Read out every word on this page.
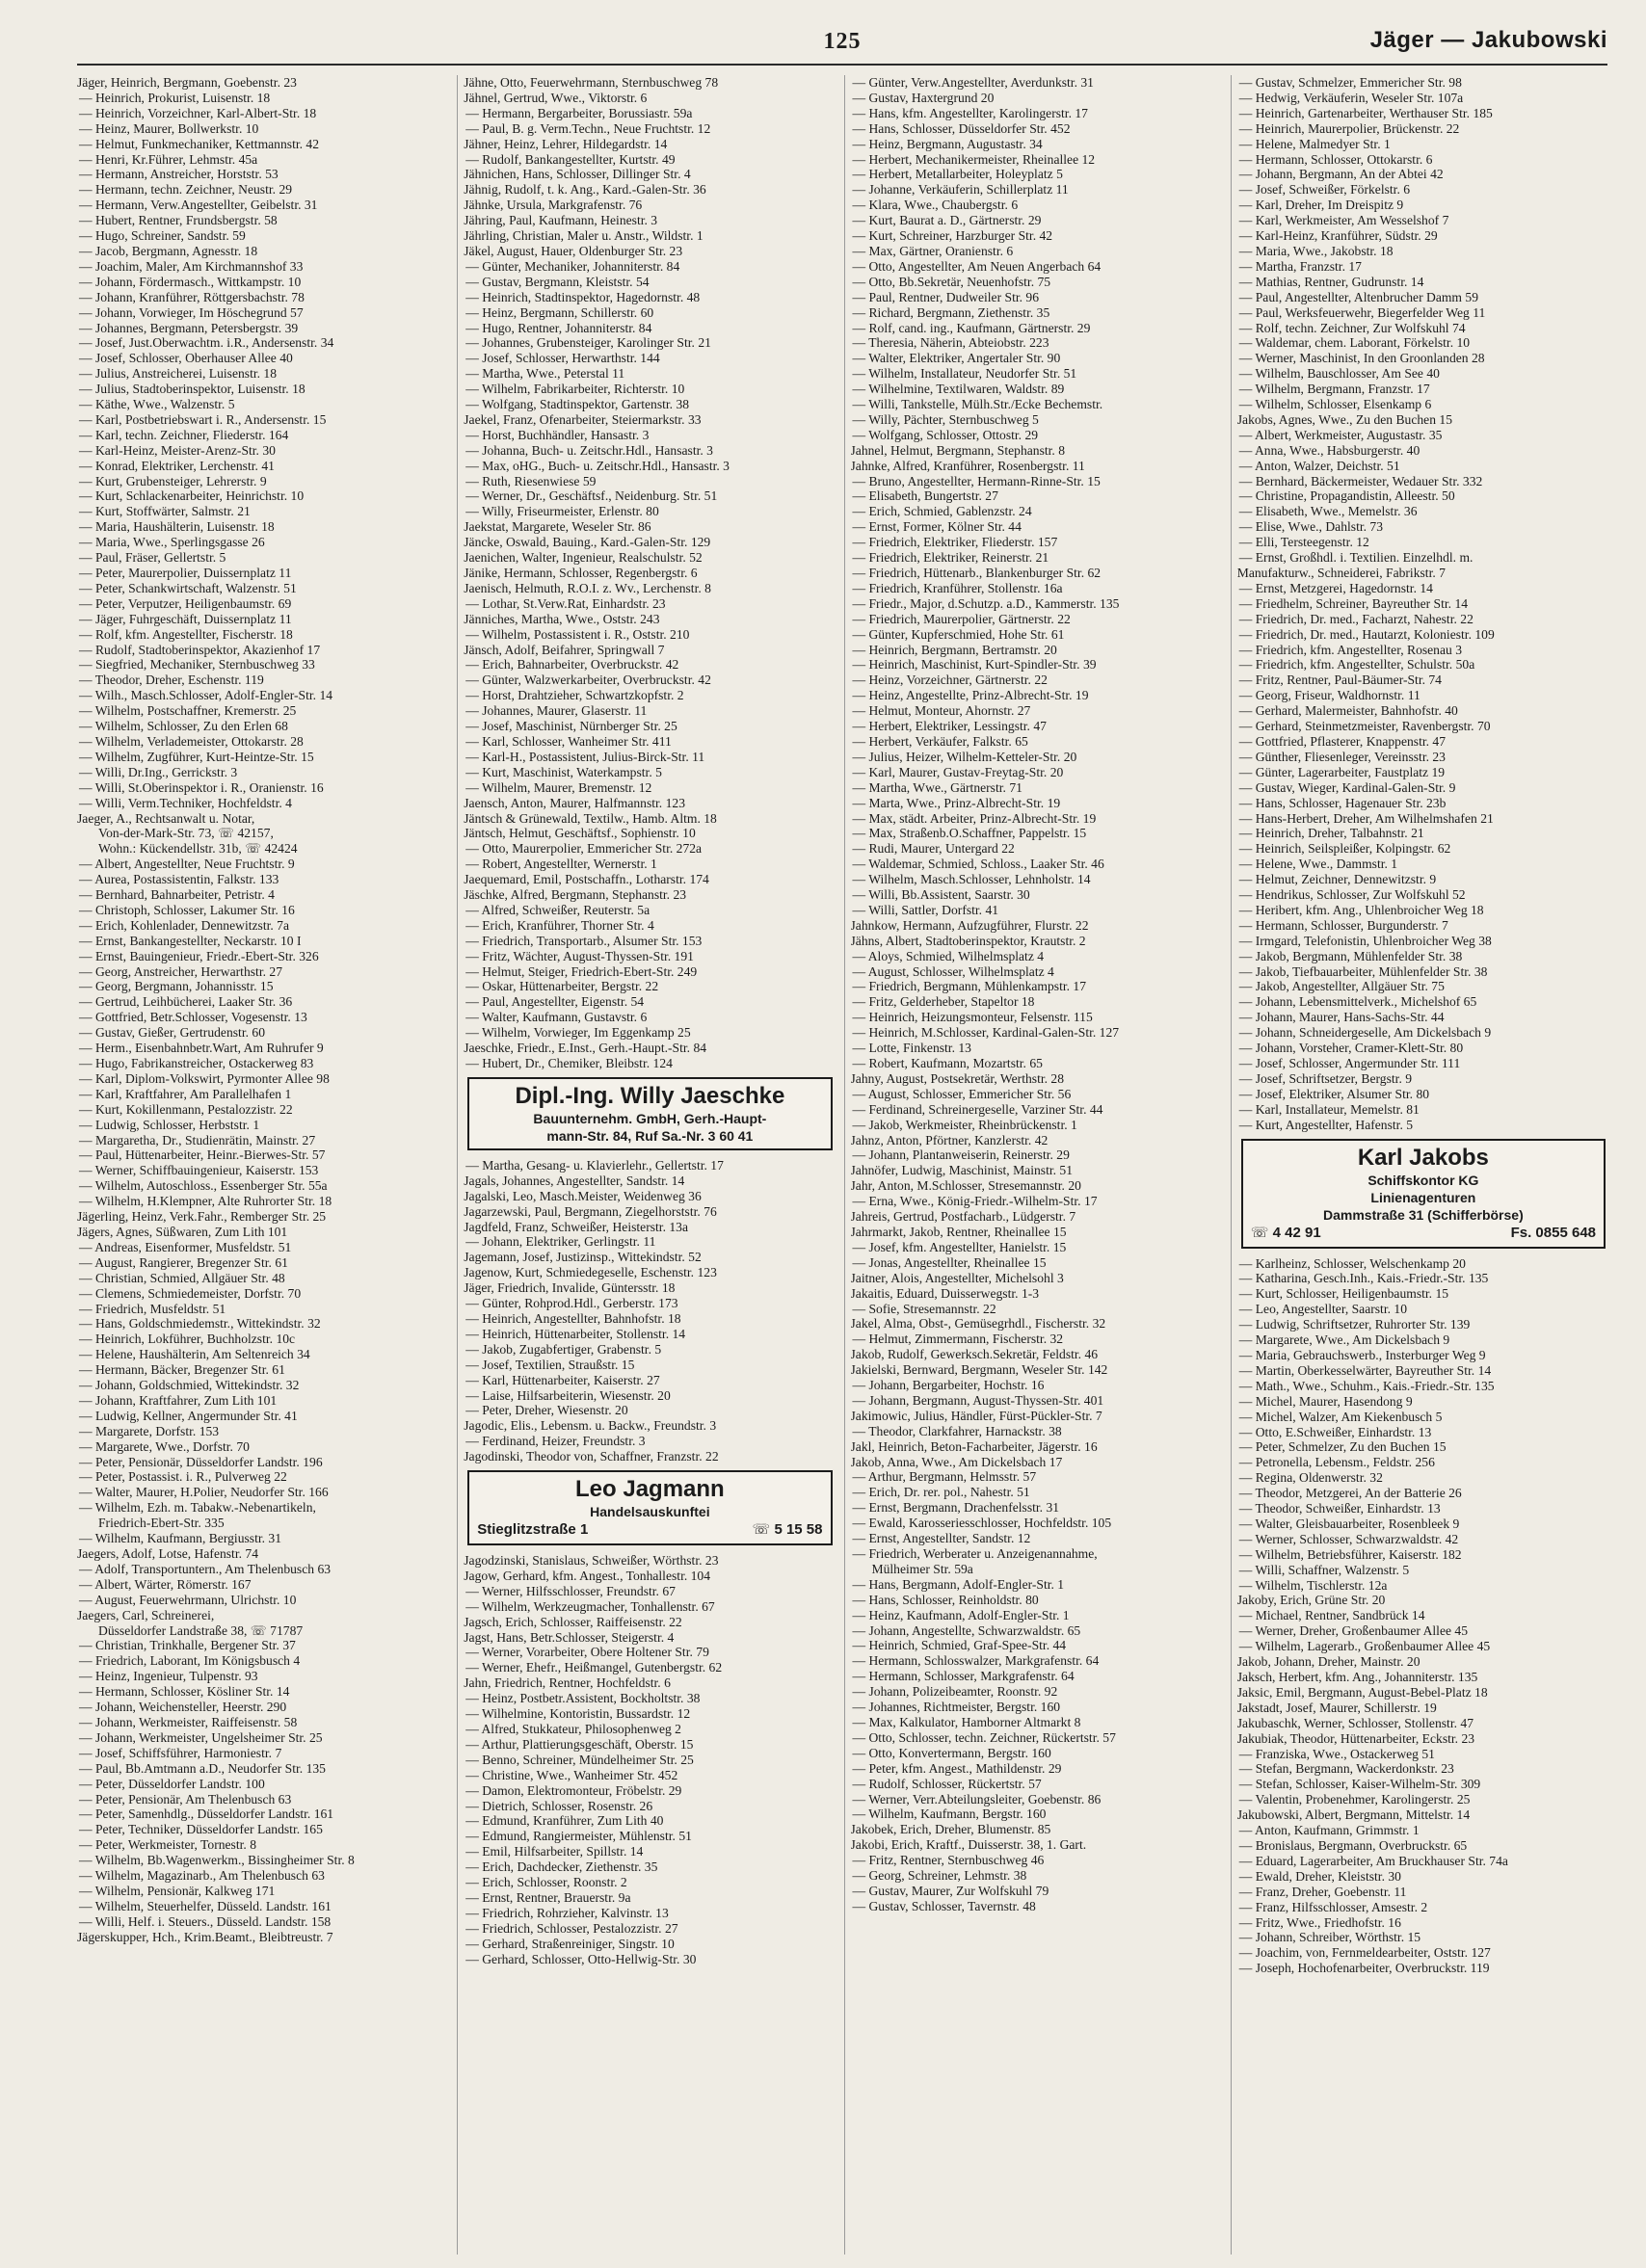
125	Jäger — Jakubowski
Jäger, Heinrich, Bergmann, Goebenstr. 23
— Heinrich, Prokurist, Luisenstr. 18
— Heinrich, Vorzeichner, Karl-Albert-Str. 18
— Heinz, Maurer, Bollwerkstr. 10
— Helmut, Funkmechaniker, Kettmannstr. 42
— Henri, Kr.Führer, Lehmstr. 45a
— Hermann, Anstreicher, Horststr. 53
— Hermann, techn. Zeichner, Neustr. 29
— Hermann, Verw.Angestellter, Geibelstr. 31
— Hubert, Rentner, Frundsbergstr. 58
— Hugo, Schreiner, Sandstr. 59
— Jacob, Bergmann, Agnesstr. 18
— Joachim, Maler, Am Kirchmannshof 33
— Johann, Fördermasch., Wittkampstr. 10
— Johann, Kranführer, Röttgersbachstr. 78
— Johann, Vorwieger, Im Höschegrund 57
— Johannes, Bergmann, Petersbergstr. 39
— Josef, Just.Oberwachtm. i.R., Andersenstr. 34
— Josef, Schlosser, Oberhauser Allee 40
— Julius, Anstreicherei, Luisenstr. 18
— Julius, Stadtoberinspektor, Luisenstr. 18
— Käthe, Wwe., Walzenstr. 5
— Karl, Postbetriebswart i. R., Andersenstr. 15
— Karl, techn. Zeichner, Fliederstr. 164
— Karl-Heinz, Meister-Arenz-Str. 30
— Konrad, Elektriker, Lerchenstr. 41
— Kurt, Grubensteiger, Lehrerstr. 9
— Kurt, Schlackenarbeiter, Heinrichstr. 10
— Kurt, Stoffwärter, Salmstr. 21
— Maria, Haushälterin, Luisenstr. 18
— Maria, Wwe., Sperlingsgasse 26
— Paul, Fräser, Gellertstr. 5
— Peter, Maurerpolier, Duissernplatz 11
— Peter, Schankwirtschaft, Walzenstr. 51
— Peter, Verputzer, Heiligenbaumstr. 69
— Jäger, Fuhrgeschäft, Duissernplatz 11
— Rolf, kfm. Angestellter, Fischerstr. 18
— Rudolf, Stadtoberinspektor, Akazienhof 17
— Siegfried, Mechaniker, Sternbuschweg 33
— Theodor, Dreher, Eschenstr. 119
— Wilh., Masch.Schlosser, Adolf-Engler-Str. 14
— Wilhelm, Postschaffner, Kremerstr. 25
— Wilhelm, Schlosser, Zu den Erlen 68
— Wilhelm, Verlademeister, Ottokarstr. 28
— Wilhelm, Zugführer, Kurt-Heintze-Str. 15
— Willi, Dr.Ing., Gerrickstr. 3
— Willi, St.Oberinspektor i. R., Oranienstr. 16
— Willi, Verm.Techniker, Hochfeldstr. 4
Jaeger, A., Rechtsanwalt u. Notar,
Von-der-Mark-Str. 73, ☏ 42157,
Wohn.: Kückendellstr. 31b, ☏ 42424
— Albert, Angestellter, Neue Fruchtstr. 9
— Aurea, Postassistentin, Falkstr. 133
— Bernhard, Bahnarbeiter, Petristr. 4
— Christoph, Schlosser, Lakumer Str. 16
— Erich, Kohlenlader, Dennewitzstr. 7a
— Ernst, Bankangestellter, Neckarstr. 10 I
— Ernst, Bauingenieur, Friedr.-Ebert-Str. 326
— Georg, Anstreicher, Herwarthstr. 27
— Georg, Bergmann, Johannisstr. 15
— Gertrud, Leihbücherei, Laaker Str. 36
— Gottfried, Betr.Schlosser, Vogesenstr. 13
— Gustav, Gießer, Gertrudenstr. 60
— Herm., Eisenbahnbetr.Wart, Am Ruhrufer 9
— Hugo, Fabrikanstreicher, Ostackerweg 83
— Karl, Diplom-Volkswirt, Pyrmonter Allee 98
— Karl, Kraftfahrer, Am Parallelhafen 1
— Kurt, Kokillenmann, Pestalozzistr. 22
— Ludwig, Schlosser, Herbststr. 1
— Margaretha, Dr., Studienrätin, Mainstr. 27
— Paul, Hüttenarbeiter, Heinr.-Bierwes-Str. 57
— Werner, Schiffbauingenieur, Kaiserstr. 153
— Wilhelm, Autoschloss., Essenberger Str. 55a
— Wilhelm, H.Klempner, Alte Ruhrorter Str. 18
Jägerling, Heinz, Verk.Fahr., Remberger Str. 25
Jägers, Agnes, Süßwaren, Zum Lith 101
— Andreas, Eisenformer, Musfeldstr. 51
— August, Rangierer, Bregenzer Str. 61
— Christian, Schmied, Allgäuer Str. 48
— Clemens, Schmiedemeister, Dorfstr. 70
— Friedrich, Musfeldstr. 51
— Hans, Goldschmiedemstr., Wittekindstr. 32
— Heinrich, Lokführer, Buchholzstr. 10c
— Helene, Haushälterin, Am Seltenreich 34
— Hermann, Bäcker, Bregenzer Str. 61
— Johann, Goldschmied, Wittekindstr. 32
— Johann, Kraftfahrer, Zum Lith 101
— Ludwig, Kellner, Angermunder Str. 41
— Margarete, Dorfstr. 153
— Margarete, Wwe., Dorfstr. 70
— Peter, Pensionär, Düsseldorfer Landstr. 196
— Peter, Postassist. i. R., Pulverweg 22
— Walter, Maurer, H.Polier, Neudorfer Str. 166
— Wilhelm, Ezh. m. Tabakw.-Nebenartikeln,
Friedrich-Ebert-Str. 335
— Wilhelm, Kaufmann, Bergiusstr. 31
Jaegers, Adolf, Lotse, Hafenstr. 74
— Adolf, Transportuntern., Am Thelenbusch 63
— Albert, Wärter, Römerstr. 167
— August, Feuerwehrmann, Ulrichstr. 10
Jaegers, Carl, Schreinerei,
Düsseldorfer Landstraße 38, ☏ 71787
— Christian, Trinkhalle, Bergener Str. 37
— Friedrich, Laborant, Im Königsbusch 4
— Heinz, Ingenieur, Tulpenstr. 93
— Hermann, Schlosser, Kösliner Str. 14
— Johann, Weichensteller, Heerstr. 290
— Johann, Werkmeister, Raiffeisenstr. 58
— Johann, Werkmeister, Ungelsheimer Str. 25
— Josef, Schiffsführer, Harmoniestr. 7
— Paul, Bb.Amtmann a.D., Neudorfer Str. 135
— Peter, Düsseldorfer Landstr. 100
— Peter, Pensionär, Am Thelenbusch 63
— Peter, Samenhdlg., Düsseldorfer Landstr. 161
— Peter, Techniker, Düsseldorfer Landstr. 165
— Peter, Werkmeister, Tornestr. 8
— Wilhelm, Bb.Wagenwerkm., Bissingheimer Str. 8
— Wilhelm, Magazinarb., Am Thelenbusch 63
— Wilhelm, Pensionär, Kalkweg 171
— Wilhelm, Steuerhelfer, Düsseld. Landstr. 161
— Willi, Helf. i. Steuers., Düsseld. Landstr. 158
Jägerskupper, Hch., Krim.Beamt., Bleibtreustr. 7
Jähne, Otto, Feuerwehrmann, Sternbuschweg 78
Jähnel, Gertrud, Wwe., Viktorstr. 6
— Hermann, Bergarbeiter, Borussiastr. 59a
— Paul, B. g. Verm.Techn., Neue Fruchtstr. 12
Jähner, Heinz, Lehrer, Hildegardstr. 14
— Rudolf, Bankangestellter, Kurtstr. 49
Jähnichen, Hans, Schlosser, Dillinger Str. 4
Jähnig, Rudolf, t. k. Ang., Kard.-Galen-Str. 36
Jähnke, Ursula, Markgrafenstr. 76
Jähring, Paul, Kaufmann, Heinestr. 3
Jährling, Christian, Maler u. Anstr., Wildstr. 1
Jäkel, August, Hauer, Oldenburger Str. 23
— Günter, Mechaniker, Johanniterstr. 84
— Gustav, Bergmann, Kleiststr. 54
— Heinrich, Stadtinspektor, Hagedornstr. 48
— Heinz, Bergmann, Schillerstr. 60
— Hugo, Rentner, Johanniterstr. 84
— Johannes, Grubensteiger, Karolinger Str. 21
— Josef, Schlosser, Herwarthstr. 144
— Martha, Wwe., Peterstal 11
— Wilhelm, Fabrikarbeiter, Richterstr. 10
— Wolfgang, Stadtinspektor, Gartenstr. 38
Jaekel, Franz, Ofenarbeiter, Steiermarkstr. 33
— Horst, Buchhändler, Hansastr. 3
— Johanna, Buch- u. Zeitschr.Hdl., Hansastr. 3
— Max, oHG., Buch- u. Zeitschr.Hdl., Hansastr. 3
— Ruth, Riesenwiese 59
— Werner, Dr., Geschäftsf., Neidenburg. Str. 51
— Willy, Friseurmeister, Erlenstr. 80
Jaekstat, Margarete, Weseler Str. 86
Jäncke, Oswald, Bauing., Kard.-Galen-Str. 129
Jaenichen, Walter, Ingenieur, Realschulstr. 52
Jänike, Hermann, Schlosser, Regenbergstr. 6
Jaenisch, Helmuth, R.O.I. z. Wv., Lerchenstr. 8
— Lothar, St.Verw.Rat, Einhardstr. 23
Jänniches, Martha, Wwe., Oststr. 243
— Wilhelm, Postassistent i. R., Oststr. 210
Jänsch, Adolf, Beifahrer, Springwall 7
— Erich, Bahnarbeiter, Overbruckstr. 42
— Günter, Walzwerkarbeiter, Overbruckstr. 42
— Horst, Drahtzieher, Schwartzkopfstr. 2
— Johannes, Maurer, Glaserstr. 11
— Josef, Maschinist, Nürnberger Str. 25
— Karl, Schlosser, Wanheimer Str. 411
— Karl-H., Postassistent, Julius-Birck-Str. 11
— Kurt, Maschinist, Waterkampstr. 5
— Wilhelm, Maurer, Bremenstr. 12
Jaensch, Anton, Maurer, Halfmannstr. 123
Jäntsch & Grünewald, Textilw., Hamb. Altm. 18
Jäntsch, Helmut, Geschäftsf., Sophienstr. 10
— Otto, Maurerpolier, Emmericher Str. 272a
— Robert, Angestellter, Wernerstr. 1
Jaequemard, Emil, Postschaffn., Lotharstr. 174
Jäschke, Alfred, Bergmann, Stephanstr. 23
— Alfred, Schweißer, Reuterstr. 5a
— Erich, Kranführer, Thorner Str. 4
— Friedrich, Transportarb., Alsumer Str. 153
— Fritz, Wächter, August-Thyssen-Str. 191
— Helmut, Steiger, Friedrich-Ebert-Str. 249
— Oskar, Hüttenarbeiter, Bergstr. 22
— Paul, Angestellter, Eigenstr. 54
— Walter, Kaufmann, Gustavstr. 6
— Wilhelm, Vorwieger, Im Eggenkamp 25
Jaeschke, Friedr., E.Inst., Gerh.-Haupt.-Str. 84
— Hubert, Dr., Chemiker, Bleibstr. 124
Dipl.-Ing. Willy Jaeschke
Bauunternehm. GmbH, Gerh.-Haupt-
mann-Str. 84, Ruf Sa.-Nr. 3 60 41
— Martha, Gesang- u. Klavierlehr., Gellertstr. 17
Jagals, Johannes, Angestellter, Sandstr. 14
Jagalski, Leo, Masch.Meister, Weidenweg 36
Jagarzewski, Paul, Bergmann, Ziegelhorststr. 76
Jagdfeld, Franz, Schweißer, Heisterstr. 13a
— Johann, Elektriker, Gerlingstr. 11
Jagemann, Josef, Justizinsp., Wittekindstr. 52
Jagenow, Kurt, Schmiedegeselle, Eschenstr. 123
Jäger, Friedrich, Invalide, Güntersstr. 18
— Günter, Rohprod.Hdl., Gerberstr. 173
— Heinrich, Angestellter, Bahnhofstr. 18
— Heinrich, Hüttenarbeiter, Stollenstr. 14
— Jakob, Zugabfertiger, Grabenstr. 5
— Josef, Textilien, Straußstr. 15
— Karl, Hüttenarbeiter, Kaiserstr. 27
— Laise, Hilfsarbeiterin, Wiesenstr. 20
— Peter, Dreher, Wiesenstr. 20
Jagodic, Elis., Lebensm. u. Backw., Freundstr. 3
— Ferdinand, Heizer, Freundstr. 3
Jagodinski, Theodor von, Schaffner, Franzstr. 22
Leo Jagmann
Handelsauskunftei
Stieglitzstraße 1	☏ 5 15 58
Jagodzinski, Stanislaus, Schweißer, Wörthstr. 23
Jagow, Gerhard, kfm. Angest., Tonhallestr. 104
— Werner, Hilfsschlosser, Freundstr. 67
— Wilhelm, Werkzeugmacher, Tonhallenstr. 67
Jagsch, Erich, Schlosser, Raiffeisenstr. 22
Jagst, Hans, Betr.Schlosser, Steigerstr. 4
— Werner, Vorarbeiter, Obere Holtener Str. 79
— Werner, Ehefr., Heißmangel, Gutenbergstr. 62
Jahn, Friedrich, Rentner, Hochfeldstr. 6
— Heinz, Postbetr.Assistent, Bockholtstr. 38
— Wilhelmine, Kontoristin, Bussardstr. 12
— Alfred, Stukkateur, Philosophenweg 2
— Arthur, Plattierungsgeschäft, Oberstr. 15
— Benno, Schreiner, Mündelheimer Str. 25
— Christine, Wwe., Wanheimer Str. 452
— Damon, Elektromonteur, Fröbelstr. 29
— Dietrich, Schlosser, Rosenstr. 26
— Edmund, Kranführer, Zum Lith 40
— Edmund, Rangiermeister, Mühlenstr. 51
— Emil, Hilfsarbeiter, Spillstr. 14
— Erich, Dachdecker, Ziethenstr. 35
— Erich, Schlosser, Roonstr. 2
— Ernst, Rentner, Brauerstr. 9a
— Friedrich, Rohrzieher, Kalvinstr. 13
— Friedrich, Schlosser, Pestalozzistr. 27
— Gerhard, Straßenreiniger, Singstr. 10
— Gerhard, Schlosser, Otto-Hellwig-Str. 30
— Günter, Verw.Angestellter, Averdunkstr. 31
— Gustav, Haxtergrund 20
— Hans, kfm. Angestellter, Karolingerstr. 17
— Hans, Schlosser, Düsseldorfer Str. 452
— Heinz, Bergmann, Augustastr. 34
— Herbert, Mechanikermeister, Rheinallee 12
— Herbert, Metallarbeiter, Holeyplatz 5
— Johanne, Verkäuferin, Schillerplatz 11
— Klara, Wwe., Chaubergstr. 6
— Kurt, Baurat a. D., Gärtnerstr. 29
— Kurt, Schreiner, Harzburger Str. 42
— Max, Gärtner, Oranienstr. 6
— Otto, Angestellter, Am Neuen Angerbach 64
— Otto, Bb.Sekretär, Neuenhofstr. 75
— Paul, Rentner, Dudweiler Str. 96
— Richard, Bergmann, Ziethenstr. 35
— Rolf, cand. ing., Kaufmann, Gärtnerstr. 29
— Theresia, Näherin, Abteiobstr. 223
— Walter, Elektriker, Angertaler Str. 90
— Wilhelm, Installateur, Neudorfer Str. 51
— Wilhelmine, Textilwaren, Waldstr. 89
— Willi, Tankstelle, Mülh.Str./Ecke Bechemstr.
— Willy, Pächter, Sternbuschweg 5
— Wolfgang, Schlosser, Ottostr. 29
Jahnel, Helmut, Bergmann, Stephanstr. 8
Jahnke, Alfred, Kranführer, Rosenbergstr. 11
— Bruno, Angestellter, Hermann-Rinne-Str. 15
— Elisabeth, Bungertstr. 27
— Erich, Schmied, Gablenzstr. 24
— Ernst, Former, Kölner Str. 44
— Friedrich, Elektriker, Fliederstr. 157
— Friedrich, Elektriker, Reinerstr. 21
— Friedrich, Hüttenarb., Blankenburger Str. 62
— Friedrich, Kranführer, Stollenstr. 16a
— Friedr., Major, d.Schutzp. a.D., Kammerstr. 135
— Friedrich, Maurerpolier, Gärtnerstr. 22
— Günter, Kupferschmied, Hohe Str. 61
— Heinrich, Bergmann, Bertramstr. 20
— Heinrich, Maschinist, Kurt-Spindler-Str. 39
— Heinz, Vorzeichner, Gärtnerstr. 22
— Heinz, Angestellte, Prinz-Albrecht-Str. 19
— Helmut, Monteur, Ahornstr. 27
— Herbert, Elektriker, Lessingstr. 47
— Herbert, Verkäufer, Falkstr. 65
— Julius, Heizer, Wilhelm-Ketteler-Str. 20
— Karl, Maurer, Gustav-Freytag-Str. 20
— Martha, Wwe., Gärtnerstr. 71
— Marta, Wwe., Prinz-Albrecht-Str. 19
— Max, städt. Arbeiter, Prinz-Albrecht-Str. 19
— Max, Straßenb.O.Schaffner, Pappelstr. 15
— Rudi, Maurer, Untergard 22
— Waldemar, Schmied, Schloss., Laaker Str. 46
— Wilhelm, Masch.Schlosser, Lehnholstr. 14
— Willi, Bb.Assistent, Saarstr. 30
— Willi, Sattler, Dorfstr. 41
Jahnkow, Hermann, Aufzugführer, Flurstr. 22
Jähns, Albert, Stadtoberinspektor, Krautstr. 2
— Aloys, Schmied, Wilhelmsplatz 4
— August, Schlosser, Wilhelmsplatz 4
— Friedrich, Bergmann, Mühlenkampstr. 17
— Fritz, Gelderheber, Stapeltor 18
— Heinrich, Heizungsmonteur, Felsenstr. 115
— Heinrich, M.Schlosser, Kardinal-Galen-Str. 127
— Lotte, Finkenstr. 13
— Robert, Kaufmann, Mozartstr. 65
Jahny, August, Postsekretär, Werthstr. 28
— August, Schlosser, Emmericher Str. 56
— Ferdinand, Schreinergeselle, Varziner Str. 44
— Jakob, Werkmeister, Rheinbrückenstr. 1
Jahnz, Anton, Pförtner, Kanzlerstr. 42
— Johann, Plantanweiserin, Reinerstr. 29
Jahnöfer, Ludwig, Maschinist, Mainstr. 51
Jahr, Anton, M.Schlosser, Stresemannstr. 20
— Erna, Wwe., König-Friedr.-Wilhelm-Str. 17
Jahreis, Gertrud, Postfacharb., Lüdgerstr. 7
Jahrmarkt, Jakob, Rentner, Rheinallee 15
— Josef, kfm. Angestellter, Hanielstr. 15
— Jonas, Angestellter, Rheinallee 15
Jaitner, Alois, Angestellter, Michelsohl 3
Jakaitis, Eduard, Duisserwegstr. 1-3
— Sofie, Stresemannstr. 22
Jakel, Alma, Obst-, Gemüsegrhdl., Fischerstr. 32
— Helmut, Zimmermann, Fischerstr. 32
Jakob, Rudolf, Gewerksch.Sekretär, Feldstr. 46
Jakielski, Bernward, Bergmann, Weseler Str. 142
— Johann, Bergarbeiter, Hochstr. 16
— Johann, Bergmann, August-Thyssen-Str. 401
Jakimowic, Julius, Händler, Fürst-Pückler-Str. 7
— Theodor, Clarkfahrer, Harnackstr. 38
Jakl, Heinrich, Beton-Facharbeiter, Jägerstr. 16
Jakob, Anna, Wwe., Am Dickelsbach 17
— Arthur, Bergmann, Helmsstr. 57
— Erich, Dr. rer. pol., Nahestr. 51
— Ernst, Bergmann, Drachenfelsstr. 31
— Ewald, Karosseriesschlosser, Hochfeldstr. 105
— Ernst, Angestellter, Sandstr. 12
— Friedrich, Werberater u. Anzeigenannahme,
Mülheimer Str. 59a
— Hans, Bergmann, Adolf-Engler-Str. 1
— Hans, Schlosser, Reinholdstr. 80
— Heinz, Kaufmann, Adolf-Engler-Str. 1
— Johann, Angestellte, Schwarzwaldstr. 65
— Heinrich, Schmied, Graf-Spee-Str. 44
— Hermann, Schlosswalzer, Markgrafenstr. 64
— Hermann, Schlosser, Markgrafenstr. 64
— Johann, Polizeibeamter, Roonstr. 92
— Johannes, Richtmeister, Bergstr. 160
— Max, Kalkulator, Hamborner Altmarkt 8
— Otto, Schlosser, techn. Zeichner, Rückertstr. 57
— Otto, Konvertermann, Bergstr. 160
— Peter, kfm. Angest., Mathildenstr. 29
— Rudolf, Schlosser, Rückertstr. 57
— Werner, Verr.Abteilungsleiter, Goebenstr. 86
— Wilhelm, Kaufmann, Bergstr. 160
Jakobek, Erich, Dreher, Blumenstr. 85
Jakobi, Erich, Kraftf., Duisserstr. 38, 1. Gart.
— Fritz, Rentner, Sternbuschweg 46
— Georg, Schreiner, Lehmstr. 38
— Gustav, Maurer, Zur Wolfskuhl 79
— Gustav, Schlosser, Tavernstr. 48
— Gustav, Schmelzer, Emmericher Str. 98
— Hedwig, Verkäuferin, Weseler Str. 107a
— Heinrich, Gartenarbeiter, Werthauser Str. 185
— Heinrich, Maurerpolier, Brückenstr. 22
— Helene, Malmedyer Str. 1
— Hermann, Schlosser, Ottokarstr. 6
— Johann, Bergmann, An der Abtei 42
— Josef, Schweißer, Förkelstr. 6
— Karl, Dreher, Im Dreispitz 9
— Karl, Werkmeister, Am Wesselshof 7
— Karl-Heinz, Kranführer, Südstr. 29
— Maria, Wwe., Jakobstr. 18
— Martha, Franzstr. 17
— Mathias, Rentner, Gudrunstr. 14
— Paul, Angestellter, Altenbrucher Damm 59
— Paul, Werksfeuerwehr, Biegerfelder Weg 11
— Rolf, techn. Zeichner, Zur Wolfskuhl 74
— Waldemar, chem. Laborant, Förkelstr. 10
— Werner, Maschinist, In den Groonlanden 28
— Wilhelm, Bauschlosser, Am See 40
— Wilhelm, Bergmann, Franzstr. 17
— Wilhelm, Schlosser, Elsenkamp 6
Jakobs, Agnes, Wwe., Zu den Buchen 15
— Albert, Werkmeister, Augustastr. 35
— Anna, Wwe., Habsburgerstr. 40
— Anton, Walzer, Deichstr. 51
— Bernhard, Bäckermeister, Wedauer Str. 332
— Christine, Propagandistin, Alleestr. 50
— Elisabeth, Wwe., Memelstr. 36
— Elise, Wwe., Dahlstr. 73
— Elli, Tersteegenstr. 12
— Ernst, Großhdl. i. Textilien. Einzelhdl. m.
Manufakturw., Schneiderei, Fabrikstr. 7
— Ernst, Metzgerei, Hagedornstr. 14
— Friedhelm, Schreiner, Bayreuther Str. 14
— Friedrich, Dr. med., Facharzt, Nahestr. 22
— Friedrich, Dr. med., Hautarzt, Koloniestr. 109
— Friedrich, kfm. Angestellter, Rosenau 3
— Friedrich, kfm. Angestellter, Schulstr. 50a
— Fritz, Rentner, Paul-Bäumer-Str. 74
— Georg, Friseur, Waldhornstr. 11
— Gerhard, Malermeister, Bahnhofstr. 40
— Gerhard, Steinmetzmeister, Ravenbergstr. 70
— Gottfried, Pflasterer, Knappenstr. 47
— Günther, Fliesenleger, Vereinsstr. 23
— Günter, Lagerarbeiter, Faustplatz 19
— Gustav, Wieger, Kardinal-Galen-Str. 9
— Hans, Schlosser, Hagenauer Str. 23b
— Hans-Herbert, Dreher, Am Wilhelmshafen 21
— Heinrich, Dreher, Talbahnstr. 21
— Heinrich, Seilspleißer, Kolpingstr. 62
— Helene, Wwe., Dammstr. 1
— Helmut, Zeichner, Dennewitzstr. 9
— Hendrikus, Schlosser, Zur Wolfskuhl 52
— Heribert, kfm. Ang., Uhlenbroicher Weg 18
— Hermann, Schlosser, Burgunderstr. 7
— Irmgard, Telefonistin, Uhlenbroicher Weg 38
— Jakob, Bergmann, Mühlenfelder Str. 38
— Jakob, Tiefbauarbeiter, Mühlenfelder Str. 38
— Jakob, Angestellter, Allgäuer Str. 75
— Johann, Lebensmittelverk., Michelshof 65
— Johann, Maurer, Hans-Sachs-Str. 44
— Johann, Schneidergeselle, Am Dickelsbach 9
— Johann, Vorsteher, Cramer-Klett-Str. 80
— Josef, Schlosser, Angermunder Str. 111
— Josef, Schriftsetzer, Bergstr. 9
— Josef, Elektriker, Alsumer Str. 80
— Karl, Installateur, Memelstr. 81
— Kurt, Angestellter, Hafenstr. 5
Karl Jakobs
Schiffskontor KG
Linienagenturen
Dammstraße 31 (Schifferbörse)
☏ 4 42 91	Fs. 0855 648
— Karlheinz, Schlosser, Welschenkamp 20
— Katharina, Gesch.Inh., Kais.-Friedr.-Str. 135
— Kurt, Schlosser, Heiligenbaumstr. 15
— Leo, Angestellter, Saarstr. 10
— Ludwig, Schriftsetzer, Ruhrorter Str. 139
— Margarete, Wwe., Am Dickelsbach 9
— Maria, Gebrauchswerb., Insterburger Weg 9
— Martin, Oberkesselwärter, Bayreuther Str. 14
— Math., Wwe., Schuhm., Kais.-Friedr.-Str. 135
— Michel, Maurer, Hasendong 9
— Michel, Walzer, Am Kiekenbusch 5
— Otto, E.Schweißer, Einhardstr. 13
— Peter, Schmelzer, Zu den Buchen 15
— Petronella, Lebensm., Feldstr. 256
— Regina, Oldenwerstr. 32
— Theodor, Metzgerei, An der Batterie 26
— Theodor, Schweißer, Einhardstr. 13
— Walter, Gleisbauarbeiter, Rosenbleek 9
— Werner, Schlosser, Schwarzwaldstr. 42
— Wilhelm, Betriebsführer, Kaiserstr. 182
— Willi, Schaffner, Walzenstr. 5
— Wilhelm, Tischlerstr. 12a
Jakoby, Erich, Grüne Str. 20
— Michael, Rentner, Sandbrück 14
— Werner, Dreher, Großenbaumer Allee 45
— Wilhelm, Lagerarb., Großenbaumer Allee 45
Jakob, Johann, Dreher, Mainstr. 20
Jaksch, Herbert, kfm. Ang., Johanniterstr. 135
Jaksic, Emil, Bergmann, August-Bebel-Platz 18
Jakstadt, Josef, Maurer, Schillerstr. 19
Jakubaschk, Werner, Schlosser, Stollenstr. 47
Jakubiak, Theodor, Hüttenarbeiter, Eckstr. 23
— Franziska, Wwe., Ostackerweg 51
— Stefan, Bergmann, Wackerdonkstr. 23
— Stefan, Schlosser, Kaiser-Wilhelm-Str. 309
— Valentin, Probenehmer, Karolingerstr. 25
Jakubowski, Albert, Bergmann, Mittelstr. 14
— Anton, Kaufmann, Grimmstr. 1
— Bronislaus, Bergmann, Overbruckstr. 65
— Eduard, Lagerarbeiter, Am Bruckhauser Str. 74a
— Ewald, Dreher, Kleiststr. 30
— Franz, Dreher, Goebenstr. 11
— Franz, Hilfsschlosser, Amsestr. 2
— Fritz, Wwe., Friedhofstr. 16
— Johann, Schreiber, Wörthstr. 15
— Joachim, von, Fernmeldearbeiter, Oststr. 127
— Joseph, Hochofenarbeiter, Overbruckstr. 119
